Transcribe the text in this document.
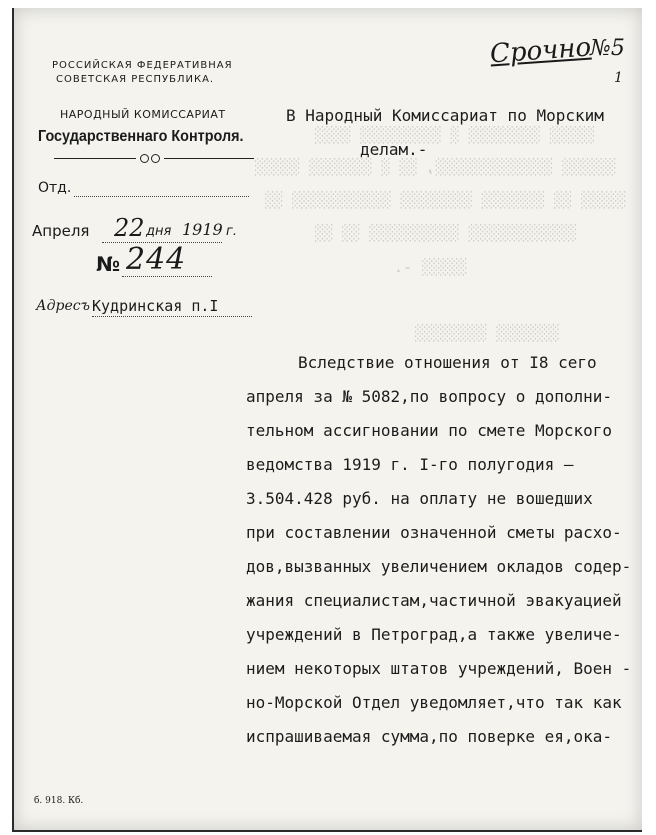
░░░░░ ░░░░░░░░ ░ ░░░░░░░░░ ░░░░
░░░░░░ ░░░░░░░░░░░░░, ░░ ░ ░░░░░░░ ░░░░░
░░░░░ ░░ ░░░░░░░ ░░░░░░░░ ░░░░░░░░░░░ ░░
░░░░░░░░░░░░ ░░░░░░░░░░ ░░ ░░
░░░░░ -.
░░░░░░░ ░░░░░░░░
РОССИЙСКАЯ ФЕДЕРАТИВНАЯ
СОВЕТСКАЯ РЕСПУБЛИКА.
НАРОДНЫЙ КОМИССАРИАТ
Государственнаго Контроля.
Отд.
Апреля 22 дня 1919 г.
№ 244
Адресъ Кудринская п.I
Срочно
№5
1
В Народный Комиссариат по Морским
делам.-
Вследствие отношения от I8 сего
апреля за № 5082,по вопросу о дополни-
тельном ассигновании по смете Морского
ведомства 1919 г. I-го полугодия —
3.504.428 руб. на оплату не вошедших
при составлении означенной сметы расхо-
дов,вызванных увеличением окладов содер-
жания специалистам,частичной эвакуацией
учреждений в Петроград,а также увеличе-
нием некоторых штатов учреждений, Воен -
но-Морской Отдел уведомляет,что так как
испрашиваемая сумма,по поверке ея,ока-
б. 918. Кб.
